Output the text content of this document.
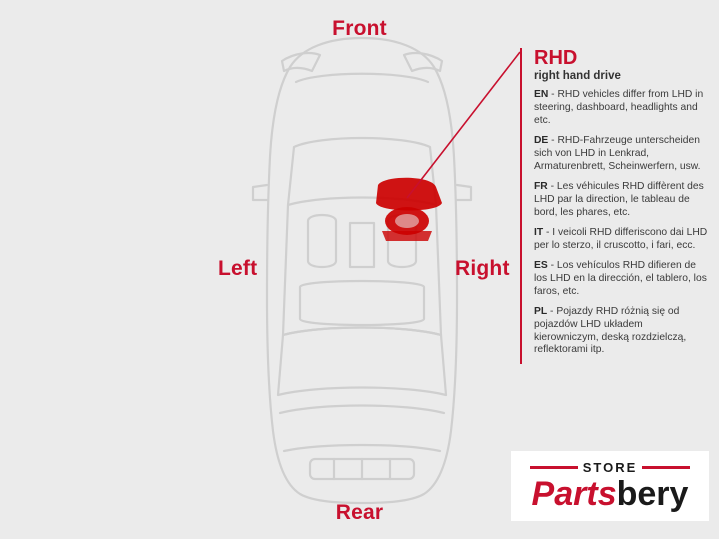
Front
Rear
Left	Right
RHD
right hand drive

EN - RHD vehicles differ from LHD in steering, dashboard, headlights and etc.

DE - RHD-Fahrzeuge unterscheiden sich von LHD in Lenkrad, Armaturenbrett, Scheinwerfern, usw.

FR - Les véhicules RHD diffèrent des LHD par la direction, le tableau de bord, les phares, etc.

IT - I veicoli RHD differiscono dai LHD per lo sterzo, il cruscotto, i fari, ecc.

ES - Los vehículos RHD difieren de los LHD en la dirección, el tablero, los faros, etc.

PL - Pojazdy RHD różnią się od pojazdów LHD układem kierowniczym, deską rozdzielczą, reflektorami itp.

STORE
Partsbery
